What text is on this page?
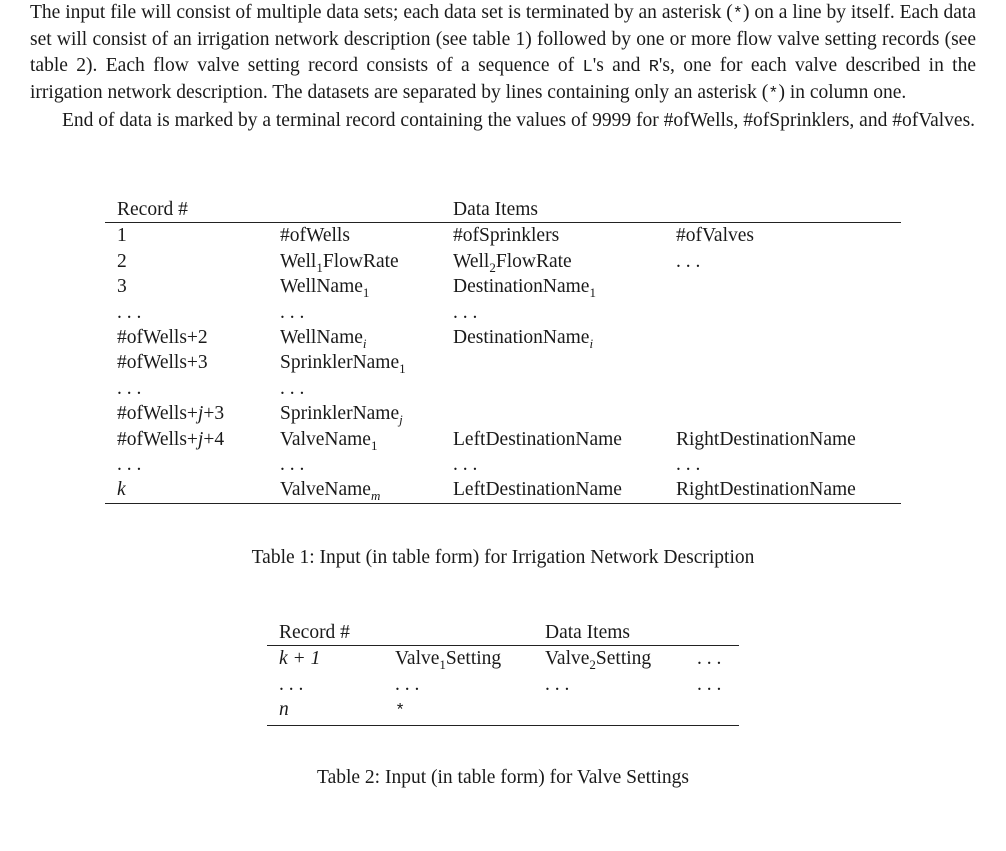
The input file will consist of multiple data sets; each data set is terminated by an asterisk (*) on a line by itself. Each data set will consist of an irrigation network description (see table 1) followed by one or more flow valve setting records (see table 2). Each flow valve setting record consists of a sequence of L's and R's, one for each valve described in the irrigation network description. The datasets are separated by lines containing only an asterisk (*) in column one.

End of data is marked by a terminal record containing the values of 9999 for #ofWells, #ofSprinklers, and #ofValves.

Record #		Data Items	
1	#ofWells	#ofSprinklers	#ofValves
2	Well$_1$FlowRate	Well$_2$FlowRate	. . .
3	WellName$_1$	DestinationName$_1$	
. . .	. . .	. . .	
#ofWells+2	WellName$_i$	DestinationName$_i$	
#ofWells+3	SprinklerName$_1$		
. . .	. . .		
#ofWells+j+3	SprinklerName$_j$		
#ofWells+j+4	ValveName$_1$	LeftDestinationName	RightDestinationName
. . .	. . .	. . .	. . .
k	ValveName$_m$	LeftDestinationName	RightDestinationName
Table 1: Input (in table form) for Irrigation Network Description
Record #		Data Items	
k + 1	Valve$_1$Setting	Valve$_2$Setting	. . .
. . .	. . .	. . .	. . .
n	*		
Table 2: Input (in table form) for Valve Settings
